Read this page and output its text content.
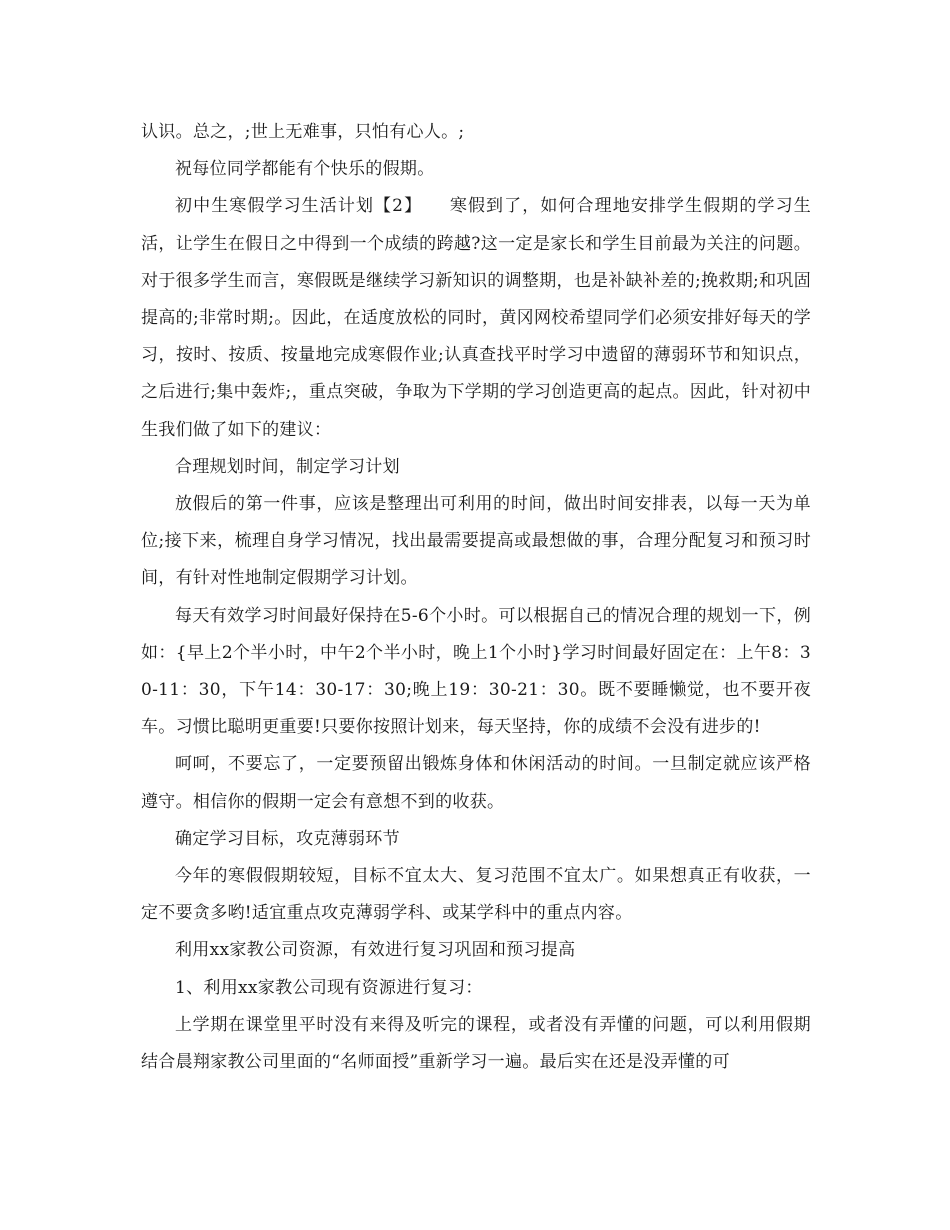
认识。总之，;世上无难事，只怕有心人。;

祝每位同学都能有个快乐的假期。

初中生寒假学习生活计划【2】　　寒假到了，如何合理地安排学生假期的学习生活，让学生在假日之中得到一个成绩的跨越?这一定是家长和学生目前最为关注的问题。对于很多学生而言，寒假既是继续学习新知识的调整期，也是补缺补差的;挽救期;和巩固提高的;非常时期;。因此，在适度放松的同时，黄冈网校希望同学们必须安排好每天的学习，按时、按质、按量地完成寒假作业;认真查找平时学习中遗留的薄弱环节和知识点，之后进行;集中轰炸;，重点突破，争取为下学期的学习创造更高的起点。因此，针对初中生我们做了如下的建议：

合理规划时间，制定学习计划

放假后的第一件事，应该是整理出可利用的时间，做出时间安排表，以每一天为单位;接下来，梳理自身学习情况，找出最需要提高或最想做的事，合理分配复习和预习时间，有针对性地制定假期学习计划。

每天有效学习时间最好保持在5-6个小时。可以根据自己的情况合理的规划一下，例如：{早上2个半小时，中午2个半小时，晚上1个小时}学习时间最好固定在：上午8：30-11：30，下午14：30-17：30;晚上19：30-21：30。既不要睡懒觉，也不要开夜车。习惯比聪明更重要!只要你按照计划来，每天坚持，你的成绩不会没有进步的!

呵呵，不要忘了，一定要预留出锻炼身体和休闲活动的时间。一旦制定就应该严格遵守。相信你的假期一定会有意想不到的收获。

确定学习目标，攻克薄弱环节

今年的寒假假期较短，目标不宜太大、复习范围不宜太广。如果想真正有收获，一定不要贪多哟!适宜重点攻克薄弱学科、或某学科中的重点内容。

利用xx家教公司资源，有效进行复习巩固和预习提高

1、利用xx家教公司现有资源进行复习：

上学期在课堂里平时没有来得及听完的课程，或者没有弄懂的问题，可以利用假期结合晨翔家教公司里面的“名师面授”重新学习一遍。最后实在还是没弄懂的可
